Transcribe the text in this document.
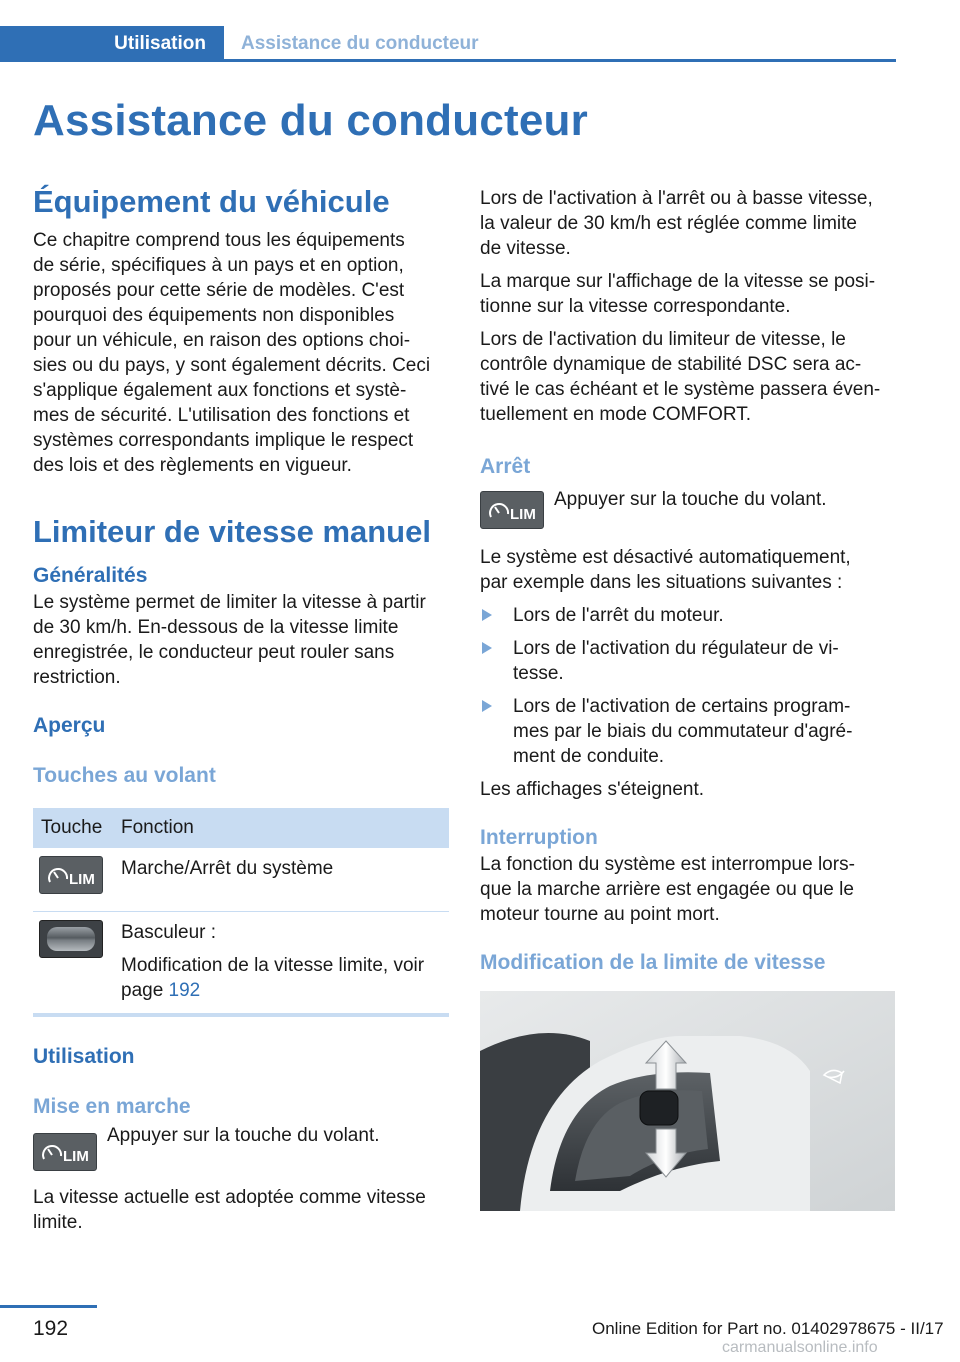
Utilisation	Assistance du conducteur
Assistance du conducteur
Équipement du véhicule
Ce chapitre comprend tous les équipements
de série, spécifiques à un pays et en option,
proposés pour cette série de modèles. C'est
pourquoi des équipements non disponibles
pour un véhicule, en raison des options choi-
sies ou du pays, y sont également décrits. Ceci
s'applique également aux fonctions et systè-
mes de sécurité. L'utilisation des fonctions et
systèmes correspondants implique le respect
des lois et des règlements en vigueur.
Limiteur de vitesse manuel
Généralités
Le système permet de limiter la vitesse à partir
de 30 km/h. En-dessous de la vitesse limite
enregistrée, le conducteur peut rouler sans
restriction.
Aperçu
Touches au volant
Touche	Fonction

LIM	Marche/Arrêt du système

	Basculeur :
Modification de la vitesse limite, voir
page 192
Utilisation
Mise en marche
LIM
Appuyer sur la touche du volant.
La vitesse actuelle est adoptée comme vitesse
limite.
Lors de l'activation à l'arrêt ou à basse vitesse,
la valeur de 30 km/h est réglée comme limite
de vitesse.
La marque sur l'affichage de la vitesse se posi-
tionne sur la vitesse correspondante.
Lors de l'activation du limiteur de vitesse, le
contrôle dynamique de stabilité DSC sera ac-
tivé le cas échéant et le système passera éven-
tuellement en mode COMFORT.
Arrêt
LIM
Appuyer sur la touche du volant.
Le système est désactivé automatiquement,
par exemple dans les situations suivantes :
Lors de l'arrêt du moteur.
Lors de l'activation du régulateur de vi-
tesse.
Lors de l'activation de certains program-
mes par le biais du commutateur d'agré-
ment de conduite.
Les affichages s'éteignent.
Interruption
La fonction du système est interrompue lors-
que la marche arrière est engagée ou que le
moteur tourne au point mort.
Modification de la limite de vitesse
192	Online Edition for Part no. 01402978675 - II/17
carmanualsonline.info
